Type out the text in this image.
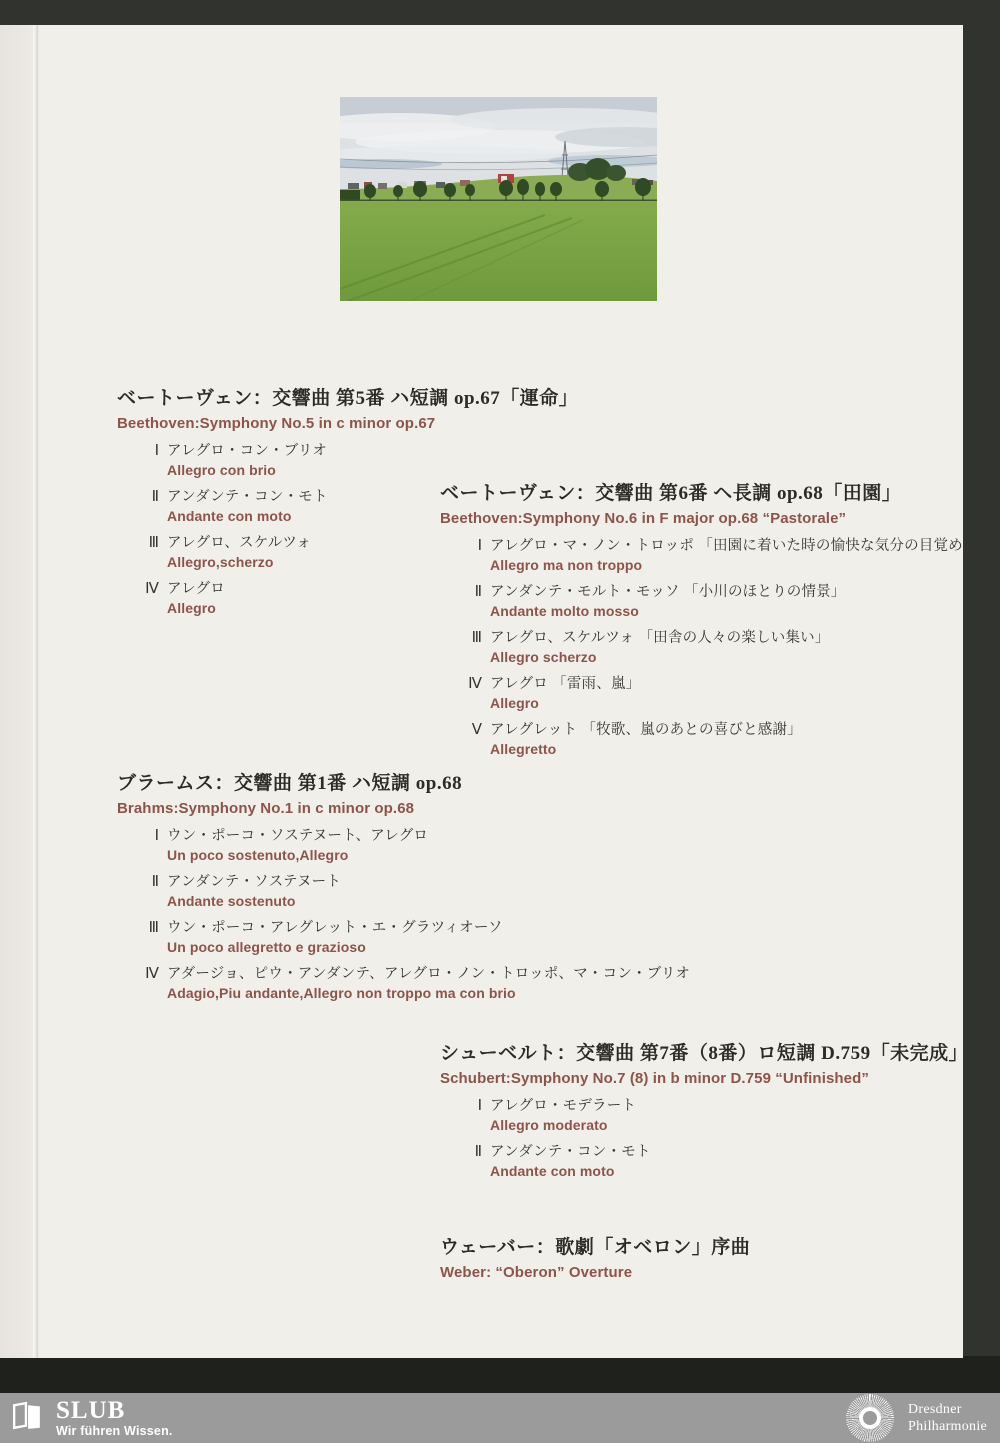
ベートーヴェン：交響曲 第5番 ハ短調 op.67「運命」
Beethoven:Symphony No.5 in c minor op.67
Ⅰ アレグロ・コン・ブリオ
Allegro con brio
Ⅱ アンダンテ・コン・モト
Andante con moto
Ⅲ アレグロ、スケルツォ
Allegro,scherzo
Ⅳ アレグロ
Allegro
ベートーヴェン：交響曲 第6番 ヘ長調 op.68「田園」
Beethoven:Symphony No.6 in F major op.68 “Pastorale”
Ⅰ アレグロ・マ・ノン・トロッポ 「田園に着いた時の愉快な気分の目覚め」
Allegro ma non troppo
Ⅱ アンダンテ・モルト・モッソ 「小川のほとりの情景」
Andante molto mosso
Ⅲ アレグロ、スケルツォ 「田舎の人々の楽しい集い」
Allegro scherzo
Ⅳ アレグロ 「雷雨、嵐」
Allegro
Ⅴ アレグレット 「牧歌、嵐のあとの喜びと感謝」
Allegretto
ブラームス：交響曲 第1番 ハ短調 op.68
Brahms:Symphony No.1 in c minor op.68
Ⅰ ウン・ポーコ・ソステヌート、アレグロ
Un poco sostenuto,Allegro
Ⅱ アンダンテ・ソステヌート
Andante sostenuto
Ⅲ ウン・ポーコ・アレグレット・エ・グラツィオーソ
Un poco allegretto e grazioso
Ⅳ アダージョ、ピウ・アンダンテ、アレグロ・ノン・トロッポ、マ・コン・ブリオ
Adagio,Piu andante,Allegro non troppo ma con brio
シューベルト：交響曲 第7番（8番）ロ短調 D.759「未完成」
Schubert:Symphony No.7 (8) in b minor D.759 “Unfinished”
Ⅰ アレグロ・モデラート
Allegro moderato
Ⅱ アンダンテ・コン・モト
Andante con moto
ウェーバー：歌劇「オベロン」序曲
Weber: “Oberon” Overture
SLUB
Wir führen Wissen.
Dresdner
Philharmonie
